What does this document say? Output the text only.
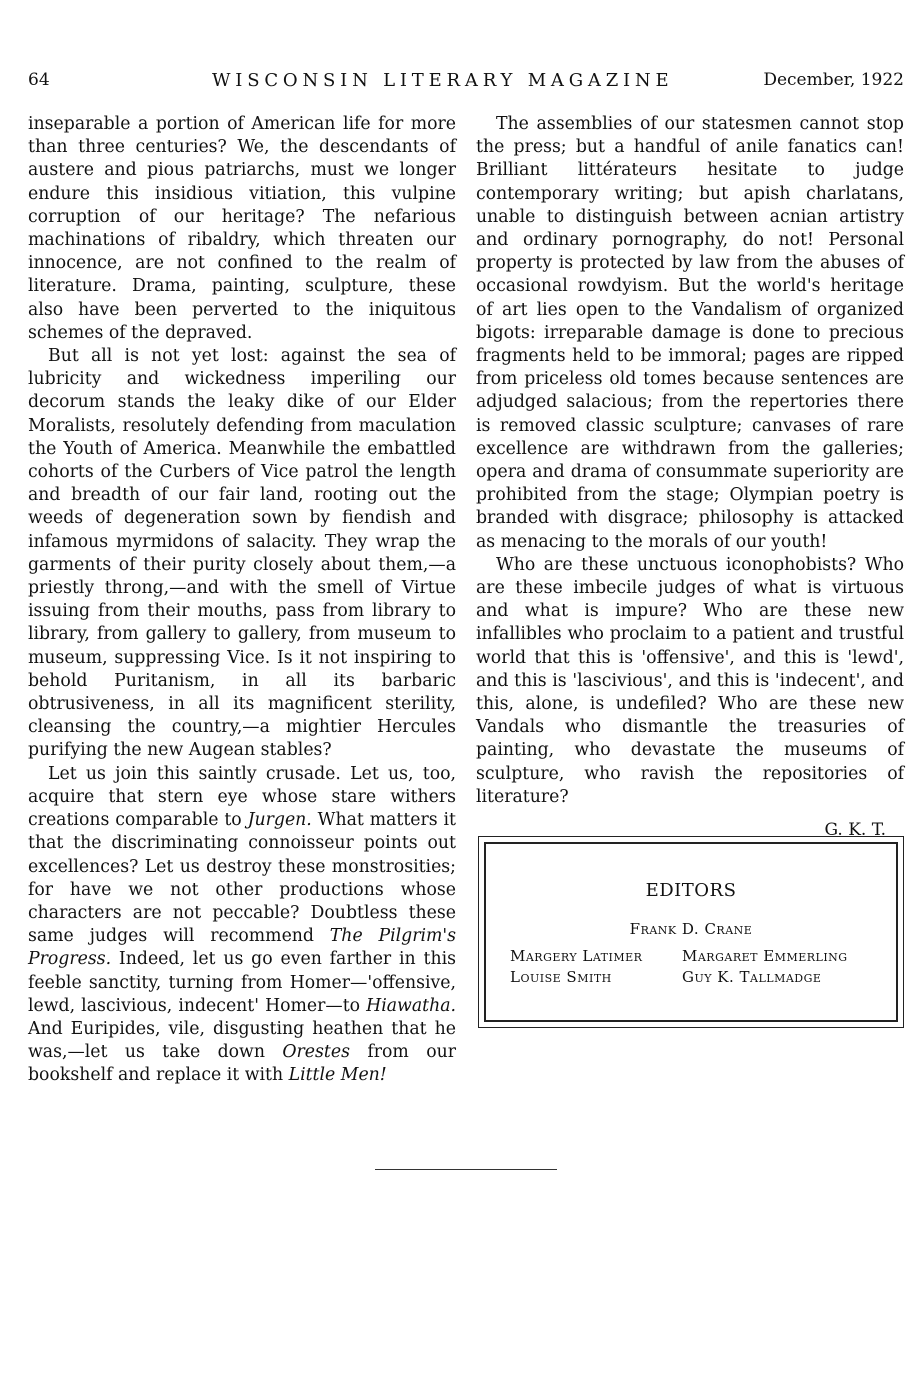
64	WISCONSIN LITERARY MAGAZINE	December, 1922

inseparable a portion of American life for more than three centuries? We, the descendants of austere and pious patriarchs, must we longer endure this insidious vitiation, this vulpine corruption of our heritage? The nefarious machinations of ribaldry, which threaten our innocence, are not confined to the realm of literature. Drama, painting, sculpture, these also have been perverted to the iniquitous schemes of the depraved.

But all is not yet lost: against the sea of lubricity and wickedness imperiling our decorum stands the leaky dike of our Elder Moralists, resolutely defending from maculation the Youth of America. Meanwhile the embattled cohorts of the Curbers of Vice patrol the length and breadth of our fair land, rooting out the weeds of degeneration sown by fiendish and infamous myrmidons of salacity. They wrap the garments of their purity closely about them,—a priestly throng,—and with the smell of Virtue issuing from their mouths, pass from library to library, from gallery to gallery, from museum to museum, suppressing Vice. Is it not inspiring to behold Puritanism, in all its barbaric obtrusiveness, in all its magnificent sterility, cleansing the country,—a mightier Hercules purifying the new Augean stables?

Let us join this saintly crusade. Let us, too, acquire that stern eye whose stare withers creations comparable to Jurgen. What matters it that the discriminating connoisseur points out excellences? Let us destroy these monstrosities; for have we not other productions whose characters are not peccable? Doubtless these same judges will recommend The Pilgrim's Progress. Indeed, let us go even farther in this feeble sanctity, turning from Homer—'offensive, lewd, lascivious, indecent' Homer—to Hiawatha. And Euripides, vile, disgusting heathen that he was,—let us take down Orestes from our bookshelf and replace it with Little Men!

The assemblies of our statesmen cannot stop the press; but a handful of anile fanatics can! Brilliant littérateurs hesitate to judge contemporary writing; but apish charlatans, unable to distinguish between acnian artistry and ordinary pornography, do not! Personal property is protected by law from the abuses of occasional rowdyism. But the world's heritage of art lies open to the Vandalism of organized bigots: irreparable damage is done to precious fragments held to be immoral; pages are ripped from priceless old tomes because sentences are adjudged salacious; from the repertories there is removed classic sculpture; canvases of rare excellence are withdrawn from the galleries; opera and drama of consummate superiority are prohibited from the stage; Olympian poetry is branded with disgrace; philosophy is attacked as menacing to the morals of our youth!

Who are these unctuous iconophobists? Who are these imbecile judges of what is virtuous and what is impure? Who are these new infallibles who proclaim to a patient and trustful world that this is 'offensive', and this is 'lewd', and this is 'lascivious', and this is 'indecent', and this, alone, is undefiled? Who are these new Vandals who dismantle the treasuries of painting, who devastate the museums of sculpture, who ravish the repositories of literature?

G. K. T.
EDITORS
Frank D. Crane
Margery Latimer	Margaret Emmerling
Louise Smith	Guy K. Tallmadge
